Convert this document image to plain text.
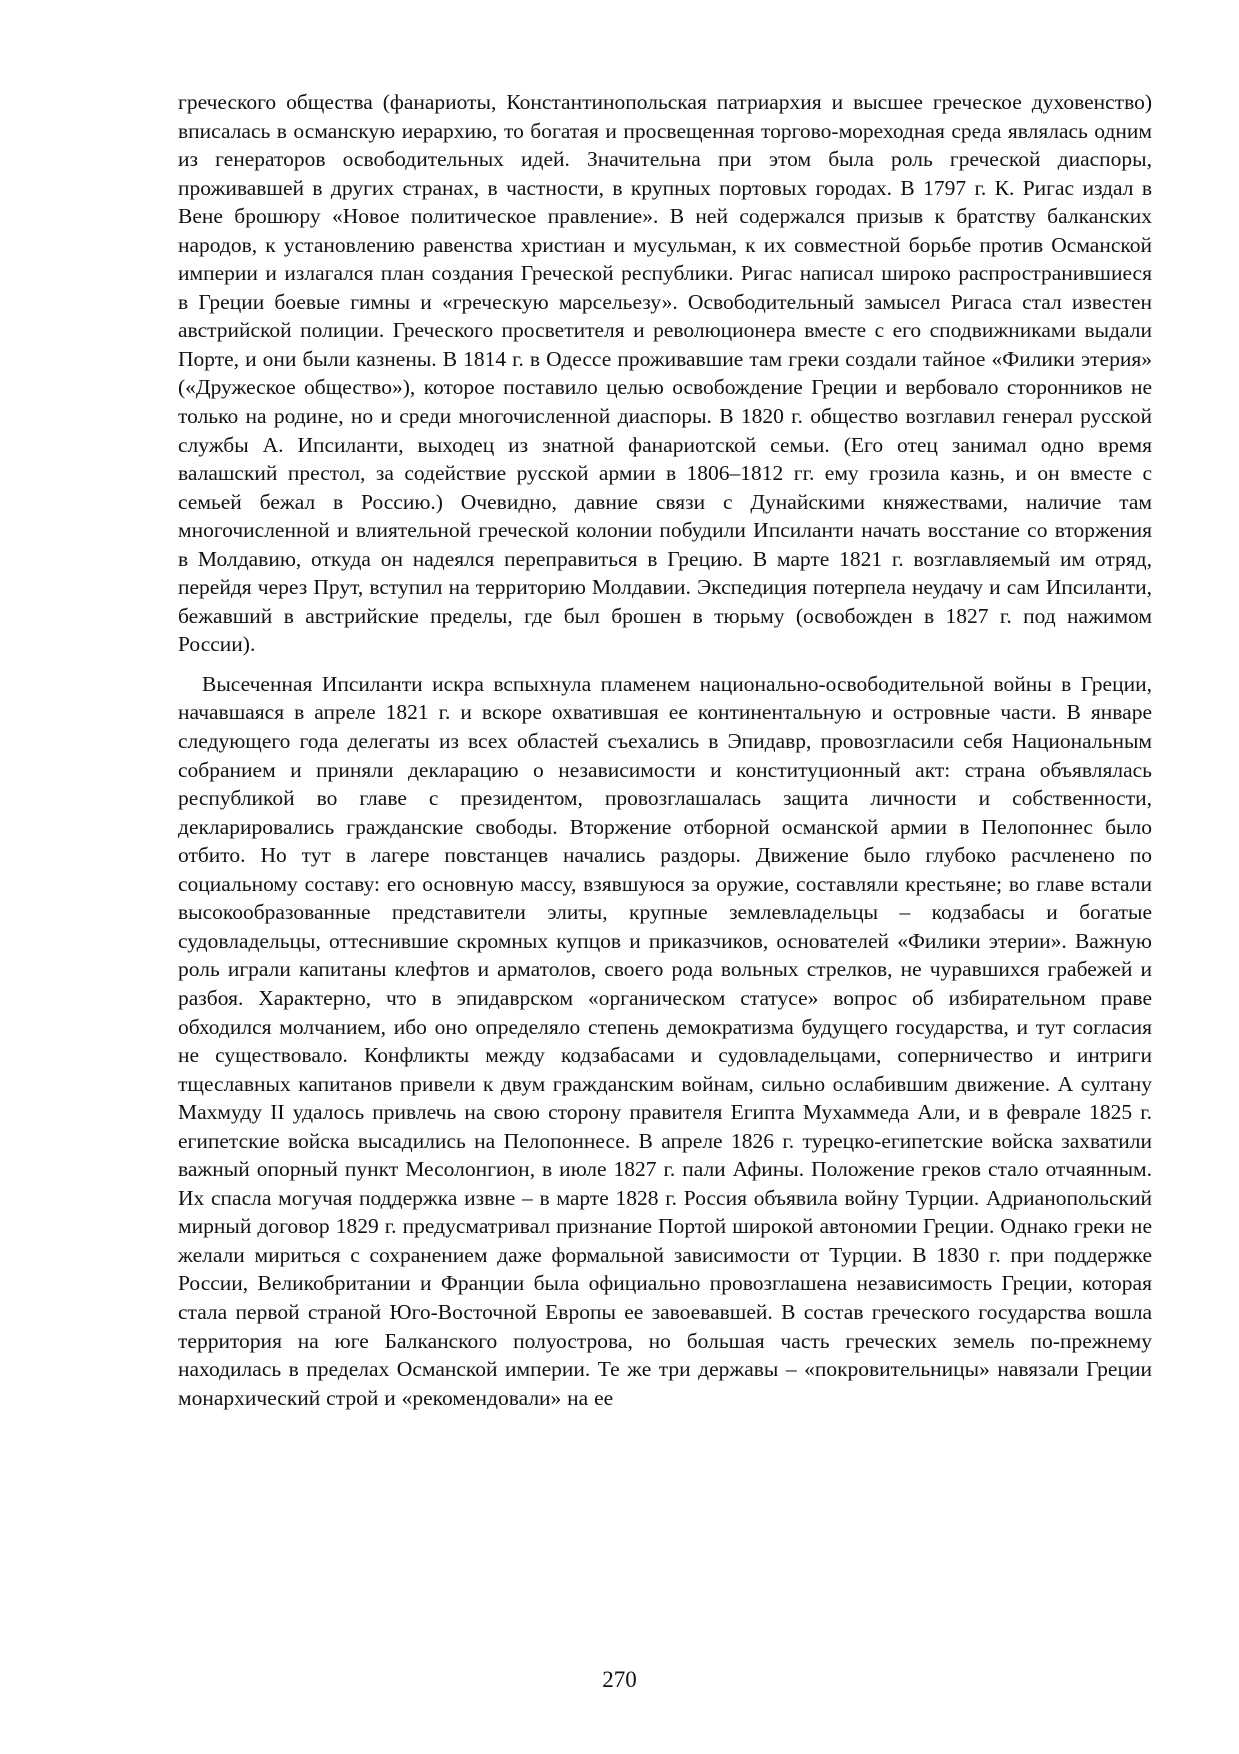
греческого общества (фанариоты, Константинопольская патриархия и высшее греческое духовенство) вписалась в османскую иерархию, то богатая и просвещенная торгово-мореходная среда являлась одним из генераторов освободительных идей. Значительна при этом была роль греческой диаспоры, проживавшей в других странах, в частности, в крупных портовых городах. В 1797 г. К. Ригас издал в Вене брошюру «Новое политическое правление». В ней содержался призыв к братству балканских народов, к установлению равенства христиан и мусульман, к их совместной борьбе против Османской империи и излагался план создания Греческой республики. Ригас написал широко распространившиеся в Греции боевые гимны и «греческую марсельезу». Освободительный замысел Ригаса стал известен австрийской полиции. Греческого просветителя и революционера вместе с его сподвижниками выдали Порте, и они были казнены. В 1814 г. в Одессе проживавшие там греки создали тайное «Филики этерия» («Дружеское общество»), которое поставило целью освобождение Греции и вербовало сторонников не только на родине, но и среди многочисленной диаспоры. В 1820 г. общество возглавил генерал русской службы А. Ипсиланти, выходец из знатной фанариотской семьи. (Его отец занимал одно время валашский престол, за содействие русской армии в 1806–1812 гг. ему грозила казнь, и он вместе с семьей бежал в Россию.) Очевидно, давние связи с Дунайскими княжествами, наличие там многочисленной и влиятельной греческой колонии побудили Ипсиланти начать восстание со вторжения в Молдавию, откуда он надеялся переправиться в Грецию. В марте 1821 г. возглавляемый им отряд, перейдя через Прут, вступил на территорию Молдавии. Экспедиция потерпела неудачу и сам Ипсиланти, бежавший в австрийские пределы, где был брошен в тюрьму (освобожден в 1827 г. под нажимом России).

Высеченная Ипсиланти искра вспыхнула пламенем национально-освободительной войны в Греции, начавшаяся в апреле 1821 г. и вскоре охватившая ее континентальную и островные части. В январе следующего года делегаты из всех областей съехались в Эпидавр, провозгласили себя Национальным собранием и приняли декларацию о независимости и конституционный акт: страна объявлялась республикой во главе с президентом, провозглашалась защита личности и собственности, декларировались гражданские свободы. Вторжение отборной османской армии в Пелопоннес было отбито. Но тут в лагере повстанцев начались раздоры. Движение было глубоко расчленено по социальному составу: его основную массу, взявшуюся за оружие, составляли крестьяне; во главе встали высокообразованные представители элиты, крупные землевладельцы – кодзабасы и богатые судовладельцы, оттеснившие скромных купцов и приказчиков, основателей «Филики этерии». Важную роль играли капитаны клефтов и арматолов, своего рода вольных стрелков, не чуравшихся грабежей и разбоя. Характерно, что в эпидаврском «органическом статусе» вопрос об избирательном праве обходился молчанием, ибо оно определяло степень демократизма будущего государства, и тут согласия не существовало. Конфликты между кодзабасами и судовладельцами, соперничество и интриги тщеславных капитанов привели к двум гражданским войнам, сильно ослабившим движение. А султану Махмуду II удалось привлечь на свою сторону правителя Египта Мухаммеда Али, и в феврале 1825 г. египетские войска высадились на Пелопоннесе. В апреле 1826 г. турецко-египетские войска захватили важный опорный пункт Месолонгион, в июле 1827 г. пали Афины. Положение греков стало отчаянным. Их спасла могучая поддержка извне – в марте 1828 г. Россия объявила войну Турции. Адрианопольский мирный договор 1829 г. предусматривал признание Портой широкой автономии Греции. Однако греки не желали мириться с сохранением даже формальной зависимости от Турции. В 1830 г. при поддержке России, Великобритании и Франции была официально провозглашена независимость Греции, которая стала первой страной Юго-Восточной Европы ее завоевавшей. В состав греческого государства вошла территория на юге Балканского полуострова, но большая часть греческих земель по-прежнему находилась в пределах Османской империи. Те же три державы – «покровительницы» навязали Греции монархический строй и «рекомендовали» на ее

270
